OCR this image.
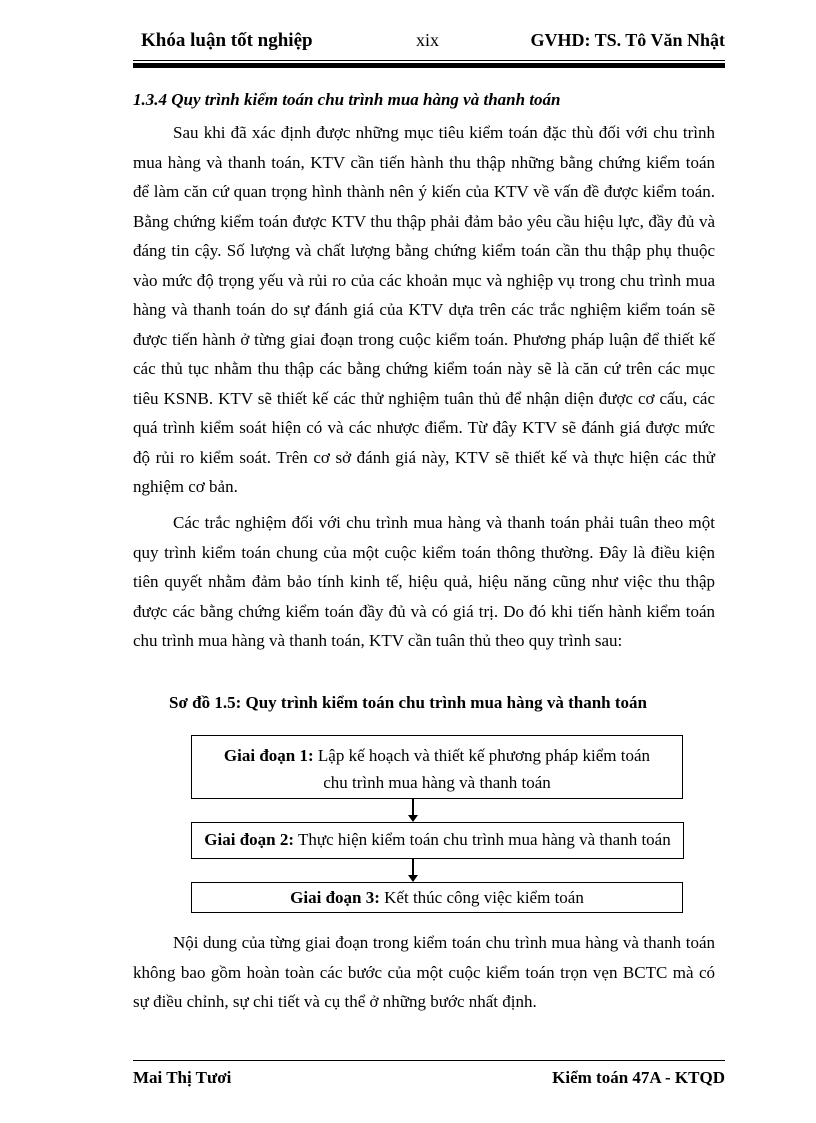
Khóa luận tốt nghiệp	xix	GVHD: TS. Tô Văn Nhật
1.3.4 Quy trình kiểm toán chu trình mua hàng và thanh toán

Sau khi đã xác định được những mục tiêu kiểm toán đặc thù đối với chu trình mua hàng và thanh toán, KTV cần tiến hành thu thập những bằng chứng kiểm toán để làm căn cứ quan trọng hình thành nên ý kiến của KTV về vấn đề được kiểm toán. Bằng chứng kiểm toán được KTV thu thập phải đảm bảo yêu cầu hiệu lực, đầy đủ và đáng tin cậy. Số lượng và chất lượng bằng chứng kiểm toán cần thu thập phụ thuộc vào mức độ trọng yếu và rủi ro của các khoản mục và nghiệp vụ trong chu trình mua hàng và thanh toán do sự đánh giá của KTV dựa trên các trắc nghiệm kiểm toán sẽ được tiến hành ở từng giai đoạn trong cuộc kiểm toán. Phương pháp luận để thiết kế các thủ tục nhằm thu thập các bằng chứng kiểm toán này sẽ là căn cứ trên các mục tiêu KSNB. KTV sẽ thiết kế các thử nghiệm tuân thủ để nhận diện được cơ cấu, các quá trình kiểm soát hiện có và các nhược điểm. Từ đây KTV sẽ đánh giá được mức độ rủi ro kiểm soát. Trên cơ sở đánh giá này, KTV sẽ thiết kế và thực hiện các thử nghiệm cơ bản.

Các trắc nghiệm đối với chu trình mua hàng và thanh toán phải tuân theo một quy trình kiểm toán chung của một cuộc kiểm toán thông thường. Đây là điều kiện tiên quyết nhằm đảm bảo tính kinh tế, hiệu quả, hiệu năng cũng như việc thu thập được các bằng chứng kiểm toán đầy đủ và có giá trị. Do đó khi tiến hành kiểm toán chu trình mua hàng và thanh toán, KTV cần tuân thủ theo quy trình sau:

Sơ đồ 1.5: Quy trình kiểm toán chu trình mua hàng và thanh toán
Giai đoạn 1: Lập kế hoạch và thiết kế phương pháp kiểm toán
chu trình mua hàng và thanh toán
Giai đoạn 2: Thực hiện kiểm toán chu trình mua hàng và thanh toán
Giai đoạn 3: Kết thúc công việc kiểm toán

Nội dung của từng giai đoạn trong kiểm toán chu trình mua hàng và thanh toán không bao gồm hoàn toàn các bước của một cuộc kiểm toán trọn vẹn BCTC mà có sự điều chỉnh, sự chi tiết và cụ thể ở những bước nhất định.

Mai Thị Tươi	Kiểm toán 47A - KTQD
